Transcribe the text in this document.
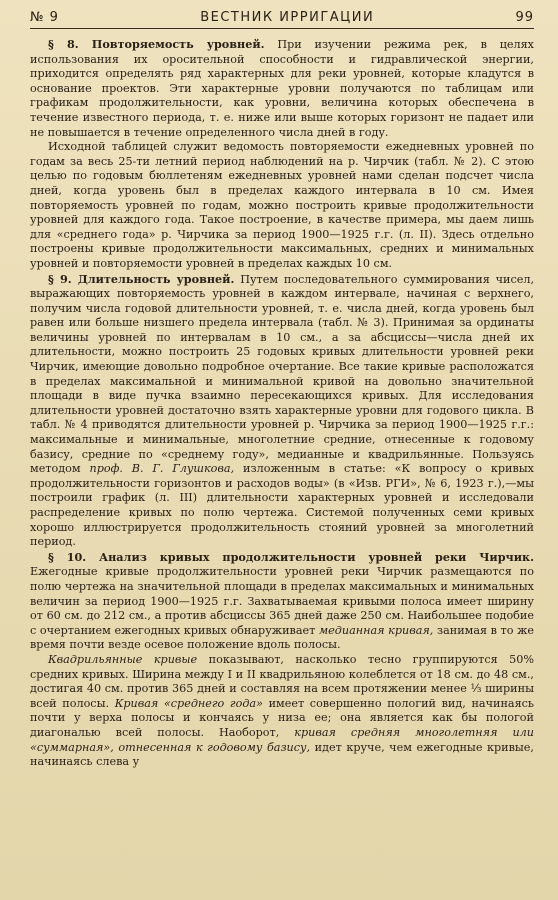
№ 9	ВЕСТНИК ИРРИГАЦИИ	99

§ 8. Повторяемость уровней. При изучении режима рек, в целях использования их оросительной способности и гидравлической энергии, приходится определять ряд характерных для реки уровней, которые кладутся в основание проектов. Эти характерные уровни получаются по таблицам или графикам продолжительности, как уровни, величина которых обеспечена в течение известного периода, т. е. ниже или выше которых горизонт не падает или не повышается в течение определенного числа дней в году.

Исходной таблицей служит ведомость повторяемости ежедневных уровней по годам за весь 25-ти летний период наблюдений на р. Чирчик (табл. № 2). С этою целью по годовым бюллетеням ежедневных уровней нами сделан подсчет числа дней, когда уровень был в пределах каждого интервала в 10 см. Имея повторяемость уровней по годам, можно построить кривые продолжительности уровней для каждого года. Такое построение, в качестве примера, мы даем лишь для «среднего года» р. Чирчика за период 1900—1925 г.г. (л. II). Здесь отдельно построены кривые продолжительности максимальных, средних и минимальных уровней и повторяемости уровней в пределах каждых 10 см.

§ 9. Длительность уровней. Путем последовательного суммирования чисел, выражающих повторяемость уровней в каждом интервале, начиная с верхнего, получим числа годовой длительности уровней, т. е. числа дней, когда уровень был равен или больше низшего предела интервала (табл. № 3). Принимая за ординаты величины уровней по интервалам в 10 см., а за абсциссы—числа дней их длительности, можно построить 25 годовых кривых длительности уровней реки Чирчик, имеющие довольно подробное очертание. Все такие кривые расположатся в пределах максимальной и минимальной кривой на довольно значительной площади в виде пучка взаимно пересекающихся кривых. Для исследования длительности уровней достаточно взять характерные уровни для годового цикла. В табл. № 4 приводятся длительности уровней р. Чирчика за период 1900—1925 г.г.: максимальные и минимальные, многолетние средние, отнесенные к годовому базису, средние по «среднему году», медианные и квадрильянные. Пользуясь методом проф. В. Г. Глушкова, изложенным в статье: «К вопросу о кривых продолжительности горизонтов и расходов воды» (в «Изв. РГИ», № 6, 1923 г.),—мы построили график (л. III) длительности характерных уровней и исследовали распределение кривых по полю чертежа. Системой полученных семи кривых хорошо иллюстрируется продолжительность стояний уровней за многолетний период.

§ 10. Анализ кривых продолжительности уровней реки Чирчик. Ежегодные кривые продолжительности уровней реки Чирчик размещаются по полю чертежа на значительной площади в пределах максимальных и минимальных величин за период 1900—1925 г.г. Захватываемая кривыми полоса имеет ширину от 60 см. до 212 см., а против абсциссы 365 дней даже 250 см. Наибольшее подобие с очертанием ежегодных кривых обнаруживает медианная кривая, занимая в то же время почти везде осевое положение вдоль полосы.

Квадрильянные кривые показывают, насколько тесно группируются 50% средних кривых. Ширина между I и II квадрильяною колеблется от 18 см. до 48 см., достигая 40 см. против 365 дней и составляя на всем протяжении менее ⅓ ширины всей полосы. Кривая «среднего года» имеет совершенно пологий вид, начинаясь почти у верха полосы и кончаясь у низа ее; она является как бы пологой диагональю всей полосы. Наоборот, кривая средняя многолетняя или «суммарная», отнесенная к годовому базису, идет круче, чем ежегодные кривые, начинаясь слева у
